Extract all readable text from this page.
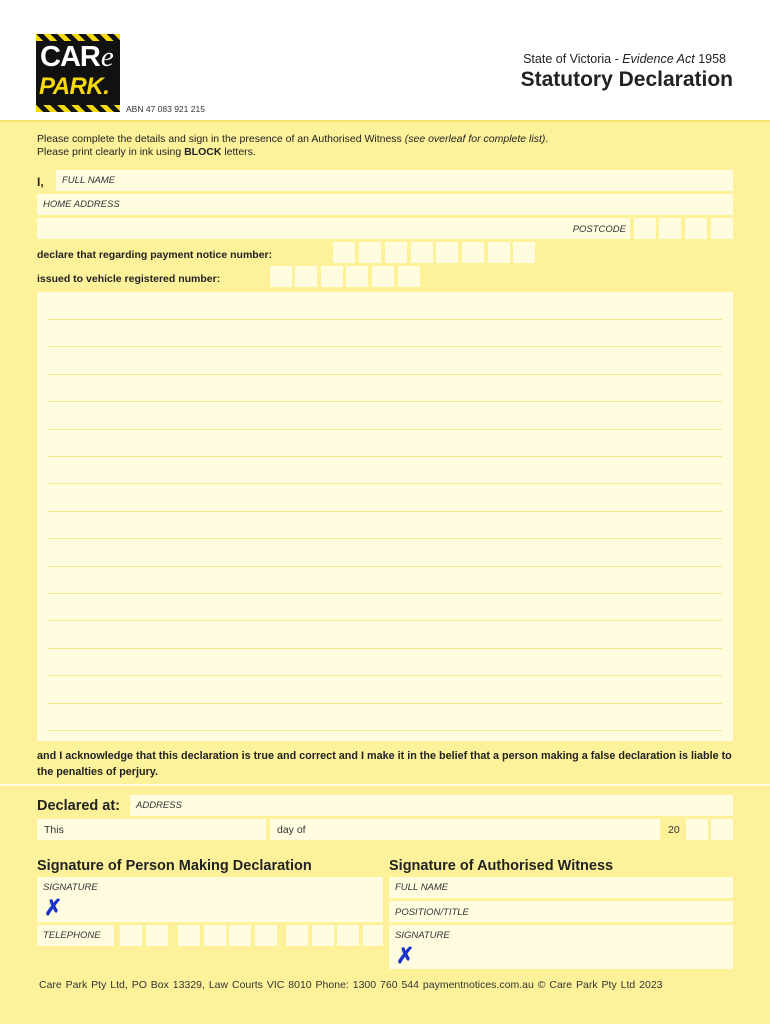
CARe
PARK.
ABN 47 083 921 215
State of Victoria - Evidence Act 1958
Statutory Declaration
Please complete the details and sign in the presence of an Authorised Witness (see overleaf for complete list).
Please print clearly in ink using BLOCK letters.
I, FULL NAME
HOME ADDRESS
POSTCODE
declare that regarding payment notice number:
issued to vehicle registered number:
and I acknowledge that this declaration is true and correct and I make it in the belief that a person making a false declaration is liable to the penalties of perjury.
Declared at: ADDRESS
This	day of	20
Signature of Person Making Declaration
SIGNATURE
✗
TELEPHONE
Signature of Authorised Witness
FULL NAME
POSITION/TITLE
SIGNATURE
✗
Care Park Pty Ltd, PO Box 13329, Law Courts VIC 8010 Phone: 1300 760 544 paymentnotices.com.au © Care Park Pty Ltd 2023
